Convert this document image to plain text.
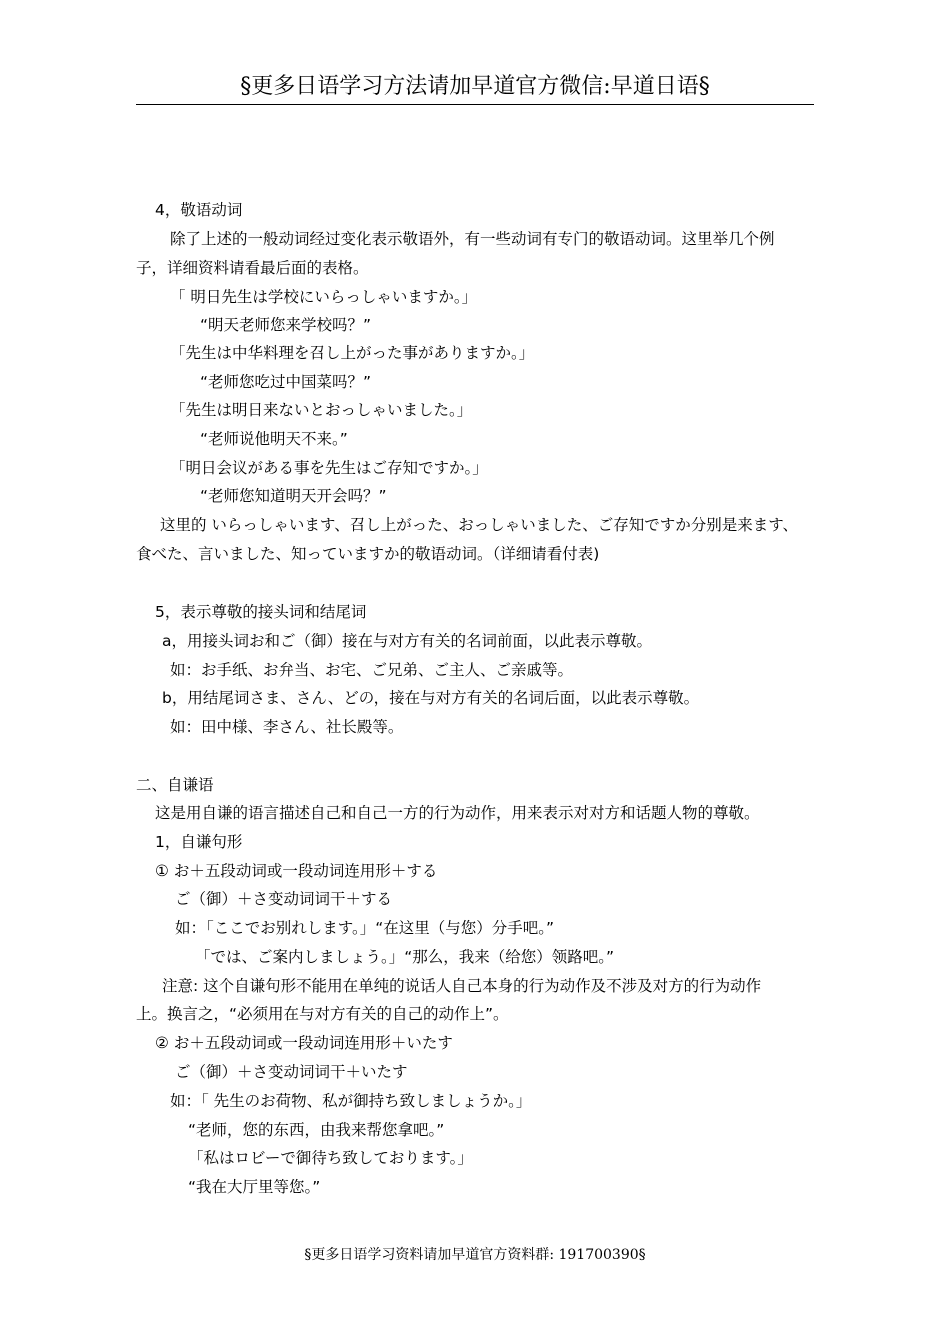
§更多日语学习方法请加早道官方微信:早道日语§
4，敬语动词
除了上述的一般动词经过变化表示敬语外，有一些动词有专门的敬语动词。这里举几个例
子，详细资料请看最后面的表格。
「 明日先生は学校にいらっしゃいますか。」
“明天老师您来学校吗？”
「先生は中华料理を召し上がった事がありますか。」
“老师您吃过中国菜吗？”
「先生は明日来ないとおっしゃいました。」
“老师说他明天不来。”
「明日会议がある事を先生はご存知ですか。」
“老师您知道明天开会吗？”
这里的 いらっしゃいます、召し上がった、おっしゃいました、ご存知ですか分别是来ます、
食べた、言いました、知っていますか的敬语动词。（详细请看付表)
5，表示尊敬的接头词和结尾词
a，用接头词お和ご（御）接在与对方有关的名词前面，以此表示尊敬。
如：お手纸、お弁当、お宅、ご兄弟、ご主人、ご亲戚等。
b，用结尾词さま、さん、どの，接在与对方有关的名词后面，以此表示尊敬。
如：田中様、李さん、社长殿等。
二、自谦语
这是用自谦的语言描述自己和自己一方的行为动作，用来表示对对方和话题人物的尊敬。
1，自谦句形
① お＋五段动词或一段动词连用形＋する
ご（御）＋さ变动词词干＋する
如：「ここでお别れします。」“在这里（与您）分手吧。”
「では、ご案内しましょう。」“那么，我来（给您）领路吧。”
注意: 这个自谦句形不能用在单纯的说话人自己本身的行为动作及不涉及对方的行为动作
上。换言之，“必须用在与对方有关的自己的动作上”。
② お＋五段动词或一段动词连用形＋いたす
ご（御）＋さ变动词词干＋いたす
如：「 先生のお荷物、私が御持ち致しましょうか。」
“老师，您的东西，由我来帮您拿吧。”
「私はロビーで御待ち致しております。」
“我在大厅里等您。”
§更多日语学习资料请加早道官方资料群: 191700390§
